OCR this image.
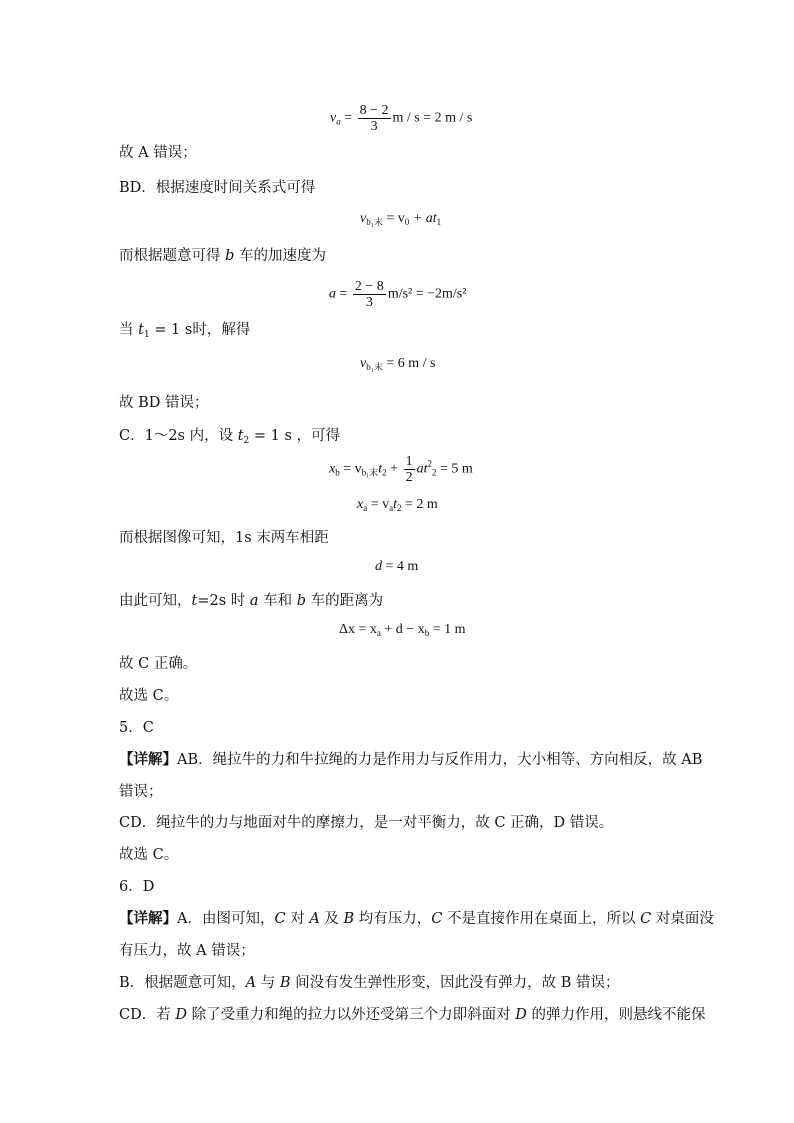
$v_a = \frac{8 - 2}{3}$ m / s = 2 m / s
故 A 错误；
BD．根据速度时间关系式可得
$v_{b_1末} = v_0 + at_1$
而根据题意可得 b 车的加速度为
$a = \frac{2 - 8}{3} m/s^2 = -2m/s^2$
当 $t_1 = 1$ s时，解得
$v_{b_1末} = 6$ m / s
故 BD 错误；
C．1～2s 内，设 $t_2 = 1$ s ，可得
$x_b = v_{b_1末}t_2 + \frac{1}{2} at^2_2 = 5$ m
$x_a = v_at_2 = 2$ m
而根据图像可知，1s 末两车相距
d = 4 m
由此可知，t=2s 时 a 车和 b 车的距离为
$\Delta x = x_a + d - x_b = 1$ m
故 C 正确。
故选 C。
5．C
【详解】AB．绳拉牛的力和牛拉绳的力是作用力与反作用力，大小相等、方向相反，故 AB
错误；
CD．绳拉牛的力与地面对牛的摩擦力，是一对平衡力，故 C 正确，D 错误。
故选 C。
6．D
【详解】A．由图可知，C 对 A 及 B 均有压力，C 不是直接作用在桌面上，所以 C 对桌面没
有压力，故 A 错误；
B．根据题意可知，A 与 B 间没有发生弹性形变，因此没有弹力，故 B 错误；
CD．若 D 除了受重力和绳的拉力以外还受第三个力即斜面对 D 的弹力作用，则悬线不能保
